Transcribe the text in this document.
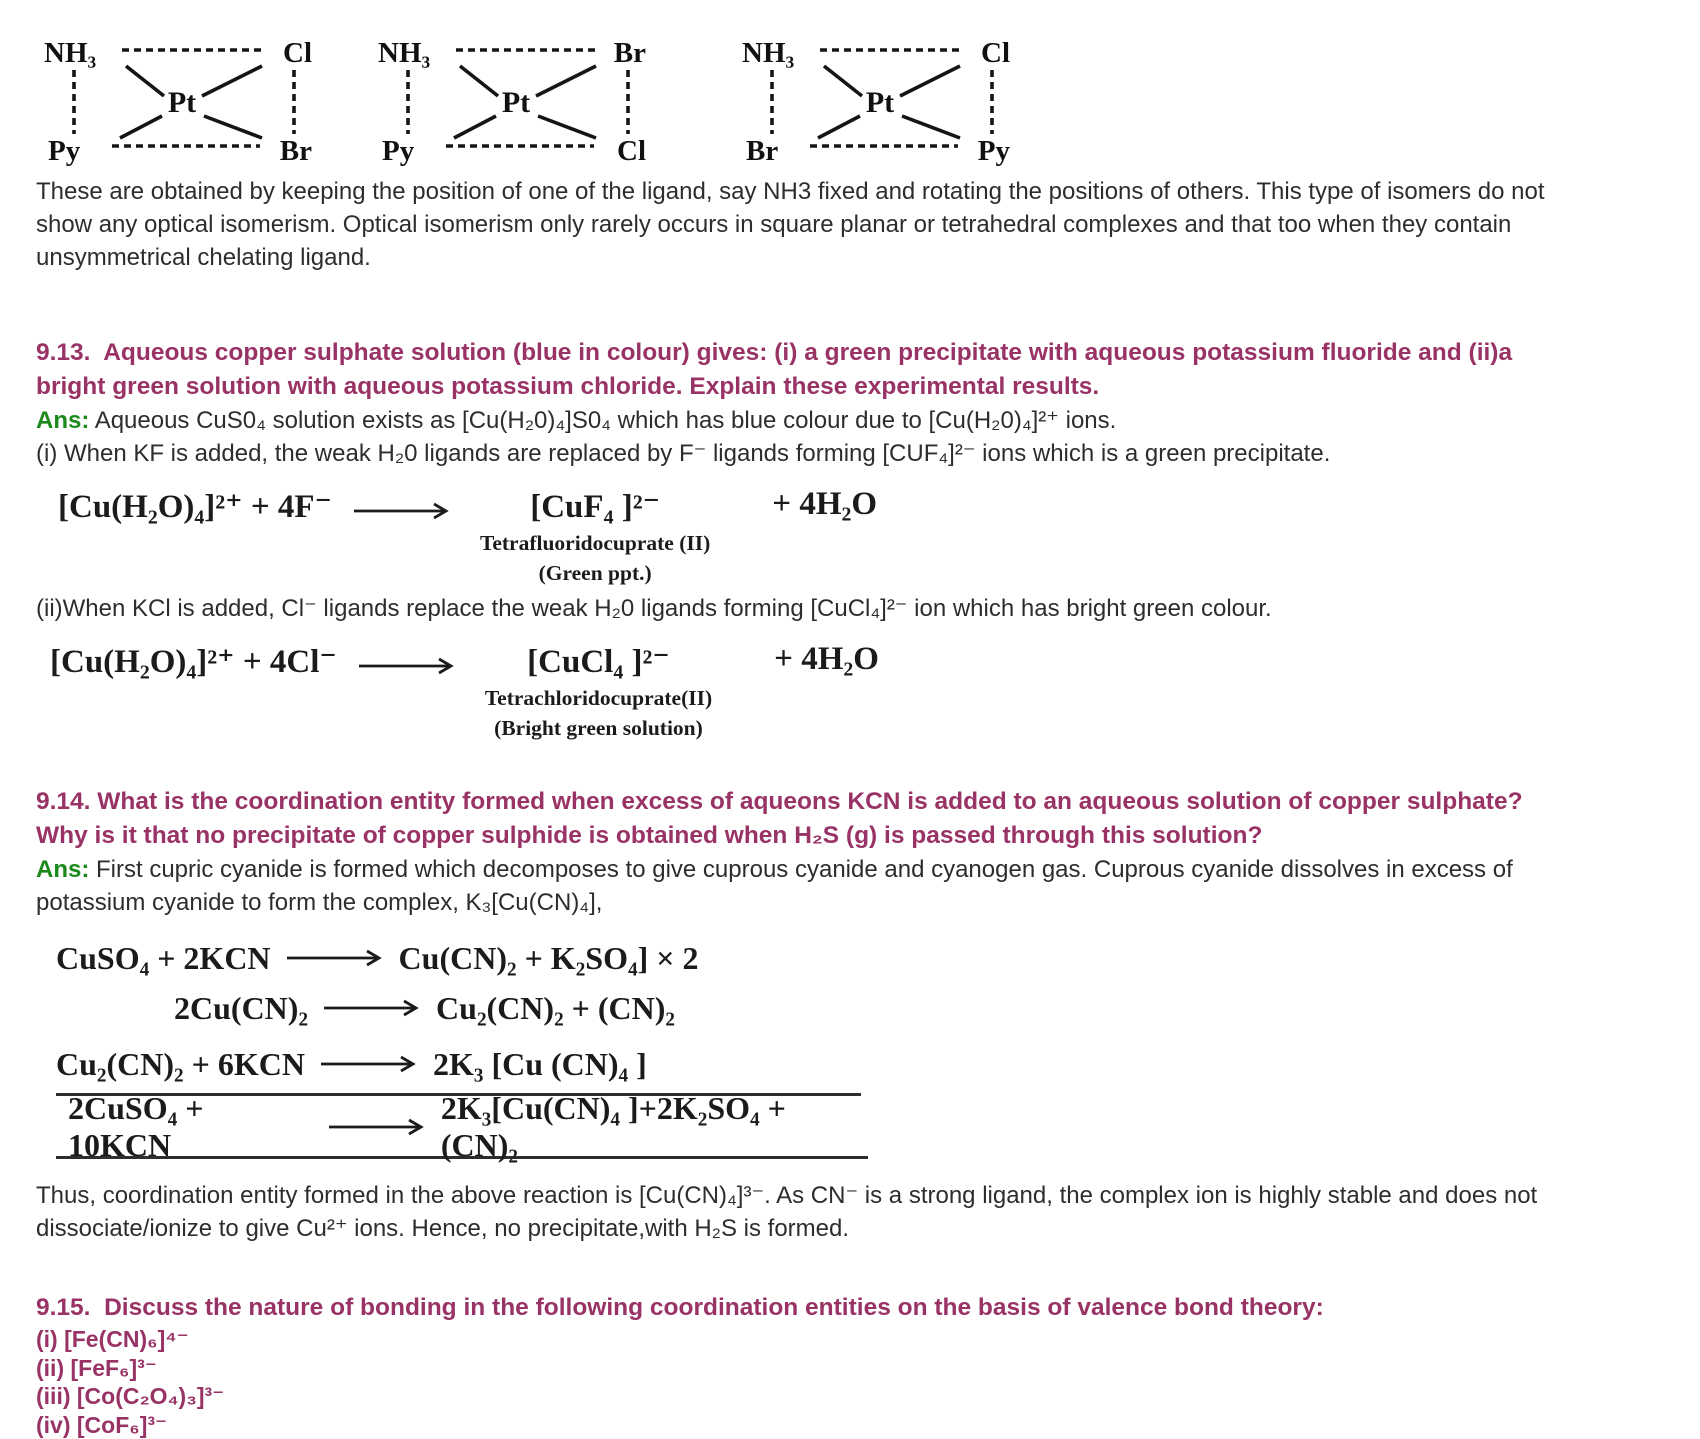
NH₃	Cl
Pt
Py	Br
NH₃	Br
Pt
Py	Cl
NH₃	Cl
Pt
Br	Py

These are obtained by keeping the position of one of the ligand, say NH3 fixed and rotating the positions of others. This type of isomers do not show any optical isomerism. Optical isomerism only rarely occurs in square planar or tetrahedral complexes and that too when they contain unsymmetrical chelating ligand.

9.13.  Aqueous copper sulphate solution (blue in colour) gives: (i) a green precipitate with aqueous potassium fluoride and (ii)a bright green solution with aqueous potassium chloride. Explain these experimental results.
Ans: Aqueous CuS0₄ solution exists as [Cu(H₂0)₄]S0₄ which has blue colour due to [Cu(H₂0)₄]²⁺ ions.
(i) When KF is added, the weak H₂0 ligands are replaced by F⁻ ligands forming [CUF₄]²⁻ ions which is a green precipitate.
[Cu(H₂O)₄]²⁺ + 4F⁻ →	[CuF₄ ]²⁻
Tetrafluoridocuprate (II)
(Green ppt.)
+ 4H₂O
(ii)When KCl is added, Cl⁻ ligands replace the weak H₂0 ligands forming [CuCl₄]²⁻ ion which has bright green colour.
[Cu(H₂O)₄]²⁺ + 4Cl⁻ →	[CuCl₄ ]²⁻
Tetrachloridocuprate(II)
(Bright green solution)
+ 4H₂O
9.14. What is the coordination entity formed when excess of aqueons KCN is added to an aqueous solution of copper sulphate? Why is it that no precipitate of copper sulphide is obtained when H₂S (g) is passed through this solution?
Ans: First cupric cyanide is formed which decomposes to give cuprous cyanide and cyanogen gas. Cuprous cyanide dissolves in excess of potassium cyanide to form the complex, K₃[Cu(CN)₄],
CuSO₄ + 2KCN → Cu(CN)₂ + K₂SO₄] × 2
2Cu(CN)₂ → Cu₂(CN)₂ + (CN)₂
Cu₂(CN)₂ + 6KCN → 2K₃ [Cu (CN)₄ ]
2CuSO₄ + 10KCN
2K₃[Cu(CN)₄ ]+2K₂SO₄ + (CN)₂

Thus, coordination entity formed in the above reaction is [Cu(CN)₄]³⁻. As CN⁻ is a strong ligand, the complex ion is highly stable and does not dissociate/ionize to give Cu²⁺ ions. Hence, no precipitate,with H₂S is formed.

9.15.  Discuss the nature of bonding in the following coordination entities on the basis of valence bond theory:
(i) [Fe(CN)₆]⁴⁻
(ii) [FeF₆]³⁻
(iii) [Co(C₂O₄)₃]³⁻
(iv) [CoF₆]³⁻
